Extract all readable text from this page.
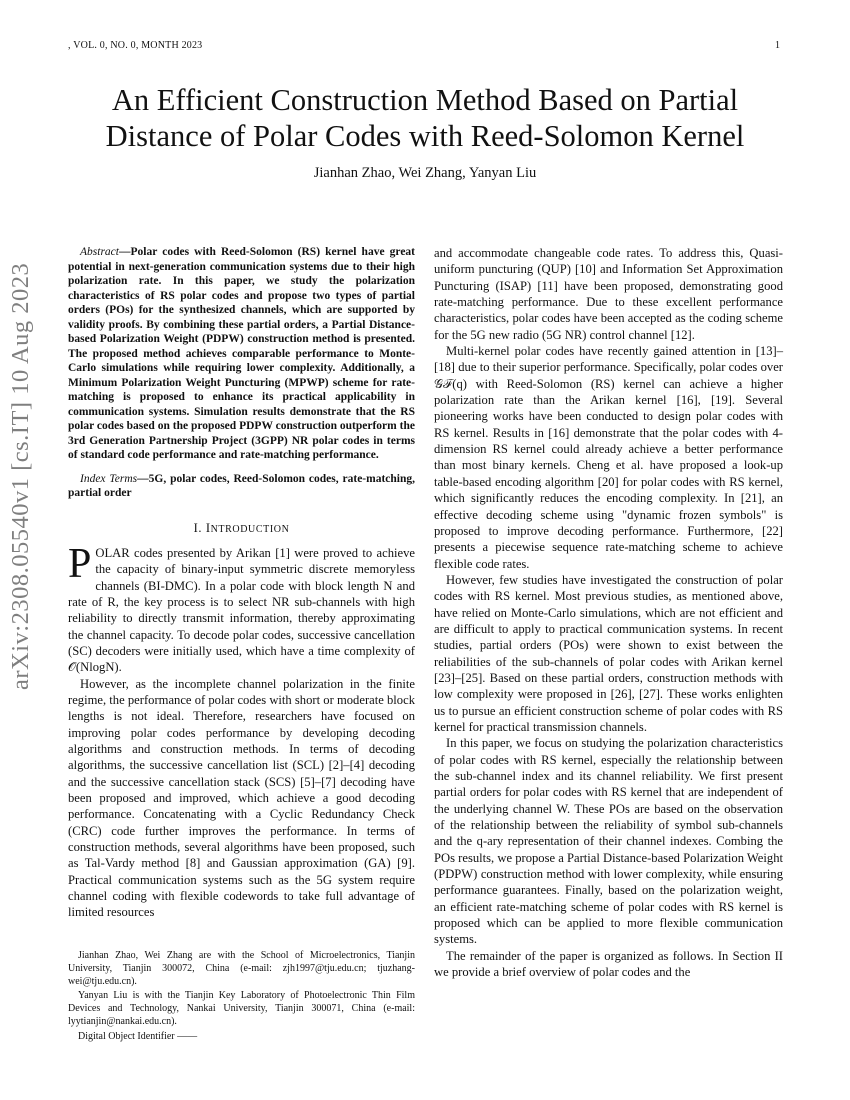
, VOL. 0, NO. 0, MONTH 2023	1
arXiv:2308.05540v1 [cs.IT] 10 Aug 2023
An Efficient Construction Method Based on Partial Distance of Polar Codes with Reed-Solomon Kernel
Jianhan Zhao, Wei Zhang, Yanyan Liu

Abstract—Polar codes with Reed-Solomon (RS) kernel have great potential in next-generation communication systems due to their high polarization rate. In this paper, we study the polarization characteristics of RS polar codes and propose two types of partial orders (POs) for the synthesized channels, which are supported by validity proofs. By combining these partial orders, a Partial Distance-based Polarization Weight (PDPW) construction method is presented. The proposed method achieves comparable performance to Monte-Carlo simulations while requiring lower complexity. Additionally, a Minimum Polarization Weight Puncturing (MPWP) scheme for rate-matching is proposed to enhance its practical applicability in communication systems. Simulation results demonstrate that the RS polar codes based on the proposed PDPW construction outperform the 3rd Generation Partnership Project (3GPP) NR polar codes in terms of standard code performance and rate-matching performance.

Index Terms—5G, polar codes, Reed-Solomon codes, rate-matching, partial order

I. INTRODUCTION

POLAR codes presented by Arikan [1] were proved to achieve the capacity of binary-input symmetric discrete memoryless channels (BI-DMC). In a polar code with block length N and rate of R, the key process is to select NR sub-channels with high reliability to directly transmit information, thereby approximating the channel capacity. To decode polar codes, successive cancellation (SC) decoders were initially used, which have a time complexity of 𝒪(NlogN).

However, as the incomplete channel polarization in the finite regime, the performance of polar codes with short or moderate block lengths is not ideal. Therefore, researchers have focused on improving polar codes performance by developing decoding algorithms and construction methods. In terms of decoding algorithms, the successive cancellation list (SCL) [2]–[4] decoding and the successive cancellation stack (SCS) [5]–[7] decoding have been proposed and improved, which achieve a good decoding performance. Concatenating with a Cyclic Redundancy Check (CRC) code further improves the performance. In terms of construction methods, several algorithms have been proposed, such as Tal-Vardy method [8] and Gaussian approximation (GA) [9]. Practical communication systems such as the 5G system require channel coding with flexible codewords to take full advantage of limited resources

Jianhan Zhao, Wei Zhang are with the School of Microelectronics, Tianjin University, Tianjin 300072, China (e-mail: zjh1997@tju.edu.cn; tjuzhang-wei@tju.edu.cn).

Yanyan Liu is with the Tianjin Key Laboratory of Photoelectronic Thin Film Devices and Technology, Nankai University, Tianjin 300071, China (e-mail: lyytianjin@nankai.edu.cn).

Digital Object Identifier ——

and accommodate changeable code rates. To address this, Quasi-uniform puncturing (QUP) [10] and Information Set Approximation Puncturing (ISAP) [11] have been proposed, demonstrating good rate-matching performance. Due to these excellent performance characteristics, polar codes have been accepted as the coding scheme for the 5G new radio (5G NR) control channel [12].

Multi-kernel polar codes have recently gained attention in [13]–[18] due to their superior performance. Specifically, polar codes over 𝒢ℱ(q) with Reed-Solomon (RS) kernel can achieve a higher polarization rate than the Arikan kernel [16], [19]. Several pioneering works have been conducted to design polar codes with RS kernel. Results in [16] demonstrate that the polar codes with 4-dimension RS kernel could already achieve a better performance than most binary kernels. Cheng et al. have proposed a look-up table-based encoding algorithm [20] for polar codes with RS kernel, which significantly reduces the encoding complexity. In [21], an effective decoding scheme using "dynamic frozen symbols" is proposed to improve decoding performance. Furthermore, [22] presents a piecewise sequence rate-matching scheme to achieve flexible code rates.

However, few studies have investigated the construction of polar codes with RS kernel. Most previous studies, as mentioned above, have relied on Monte-Carlo simulations, which are not efficient and are difficult to apply to practical communication systems. In recent studies, partial orders (POs) were shown to exist between the reliabilities of the sub-channels of polar codes with Arikan kernel [23]–[25]. Based on these partial orders, construction methods with low complexity were proposed in [26], [27]. These works enlighten us to pursue an efficient construction scheme of polar codes with RS kernel for practical transmission channels.

In this paper, we focus on studying the polarization characteristics of polar codes with RS kernel, especially the relationship between the sub-channel index and its channel reliability. We first present partial orders for polar codes with RS kernel that are independent of the underlying channel W. These POs are based on the observation of the relationship between the reliability of symbol sub-channels and the q-ary representation of their channel indexes. Combing the POs results, we propose a Partial Distance-based Polarization Weight (PDPW) construction method with lower complexity, while ensuring performance guarantees. Finally, based on the polarization weight, an efficient rate-matching scheme of polar codes with RS kernel is proposed which can be applied to more flexible communication systems.

The remainder of the paper is organized as follows. In Section II we provide a brief overview of polar codes and the
